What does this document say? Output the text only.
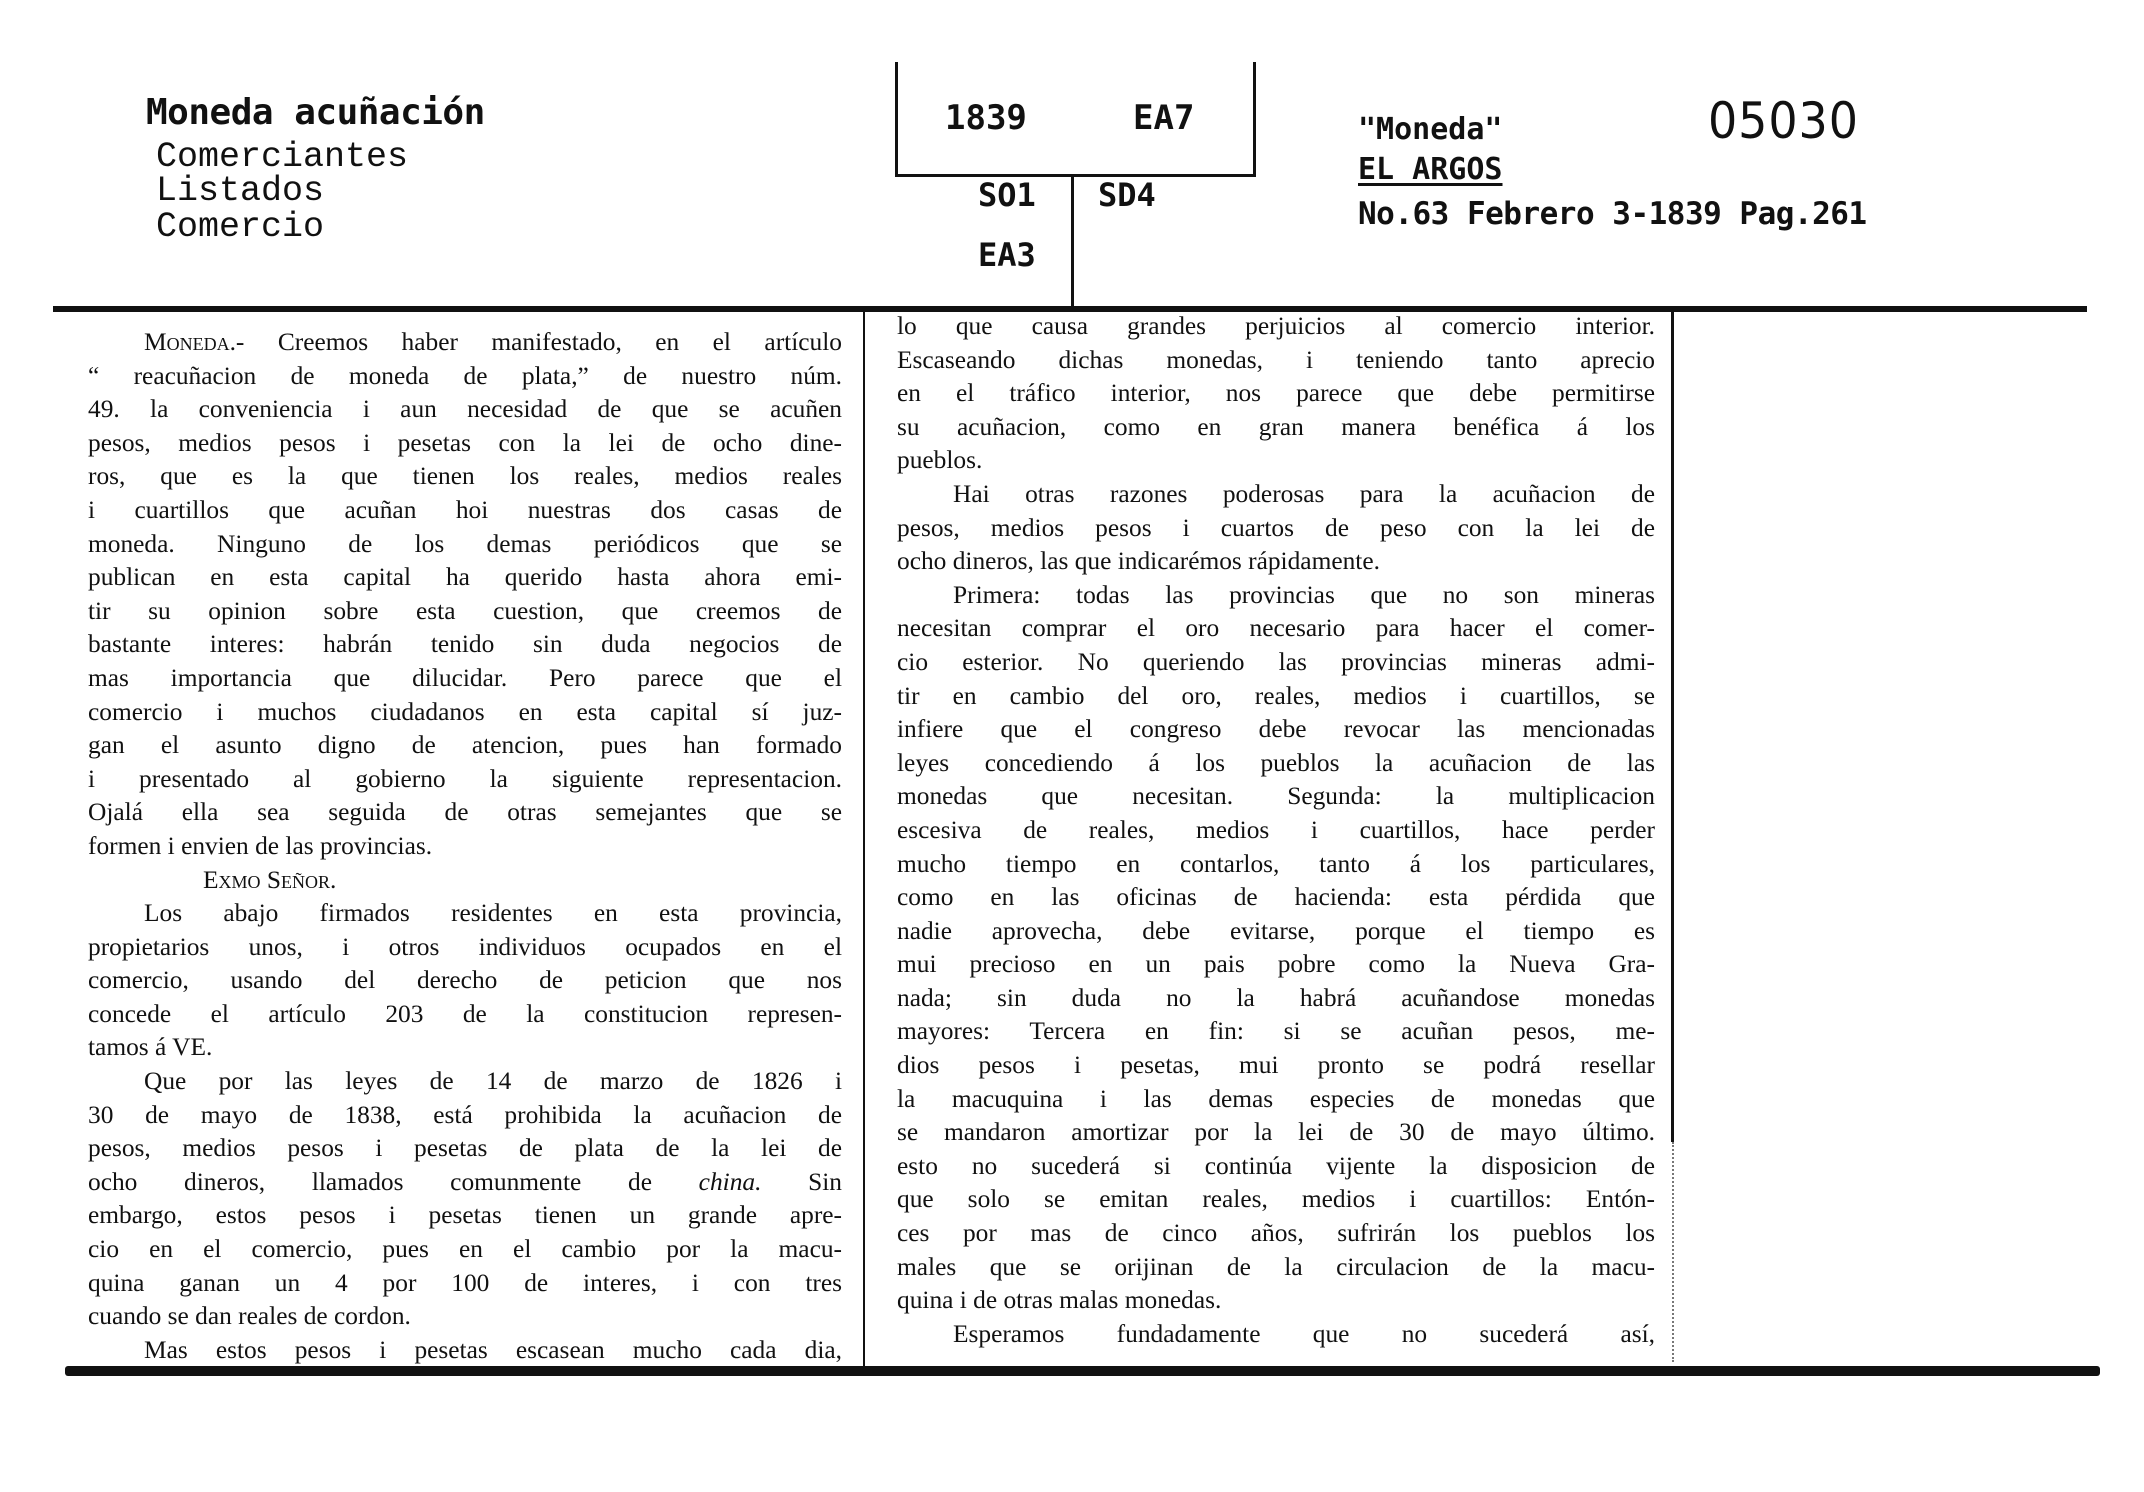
Moneda acuñación
Comerciantes
Listados
Comercio
1839	EA7
SO1
EA3
SD4
"Moneda"
EL ARGOS
No.63 Febrero 3-1839 Pag.261
05030
Moneda.- Creemos haber manifestado, en el artículo
“ reacuñacion de moneda de plata,” de nuestro núm.
49. la conveniencia i aun necesidad de que se acuñen
pesos, medios pesos i pesetas con la lei de ocho dine-
ros, que es la que tienen los reales, medios reales
i cuartillos que acuñan hoi nuestras dos casas de
moneda. Ninguno de los demas periódicos que se
publican en esta capital ha querido hasta ahora emi-
tir su opinion sobre esta cuestion, que creemos de
bastante interes: habrán tenido sin duda negocios de
mas importancia que dilucidar. Pero parece que el
comercio i muchos ciudadanos en esta capital sí juz-
gan el asunto digno de atencion, pues han formado
i presentado al gobierno la siguiente representacion.
Ojalá ella sea seguida de otras semejantes que se
formen i envien de las provincias.
Exmo Señor.
Los abajo firmados residentes en esta provincia,
propietarios unos, i otros individuos ocupados en el
comercio, usando del derecho de peticion que nos
concede el artículo 203 de la constitucion represen-
tamos á VE.
Que por las leyes de 14 de marzo de 1826 i
30 de mayo de 1838, está prohibida la acuñacion de
pesos, medios pesos i pesetas de plata de la lei de
ocho dineros, llamados comunmente de china. Sin
embargo, estos pesos i pesetas tienen un grande apre-
cio en el comercio, pues en el cambio por la macu-
quina ganan un 4 por 100 de interes, i con tres
cuando se dan reales de cordon.
Mas estos pesos i pesetas escasean mucho cada dia,
lo que causa grandes perjuicios al comercio interior.
Escaseando dichas monedas, i teniendo tanto aprecio
en el tráfico interior, nos parece que debe permitirse
su acuñacion, como en gran manera benéfica á los
pueblos.
Hai otras razones poderosas para la acuñacion de
pesos, medios pesos i cuartos de peso con la lei de
ocho dineros, las que indicarémos rápidamente.
Primera: todas las provincias que no son mineras
necesitan comprar el oro necesario para hacer el comer-
cio esterior. No queriendo las provincias mineras admi-
tir en cambio del oro, reales, medios i cuartillos, se
infiere que el congreso debe revocar las mencionadas
leyes concediendo á los pueblos la acuñacion de las
monedas que necesitan. Segunda: la multiplicacion
escesiva de reales, medios i cuartillos, hace perder
mucho tiempo en contarlos, tanto á los particulares,
como en las oficinas de hacienda: esta pérdida que
nadie aprovecha, debe evitarse, porque el tiempo es
mui precioso en un pais pobre como la Nueva Gra-
nada; sin duda no la habrá acuñandose monedas
mayores: Tercera en fin: si se acuñan pesos, me-
dios pesos i pesetas, mui pronto se podrá resellar
la macuquina i las demas especies de monedas que
se mandaron amortizar por la lei de 30 de mayo último.
esto no sucederá si continúa vijente la disposicion de
que solo se emitan reales, medios i cuartillos: Entón-
ces por mas de cinco años, sufrirán los pueblos los
males que se orijinan de la circulacion de la macu-
quina i de otras malas monedas.
Esperamos fundadamente que no sucederá así,
